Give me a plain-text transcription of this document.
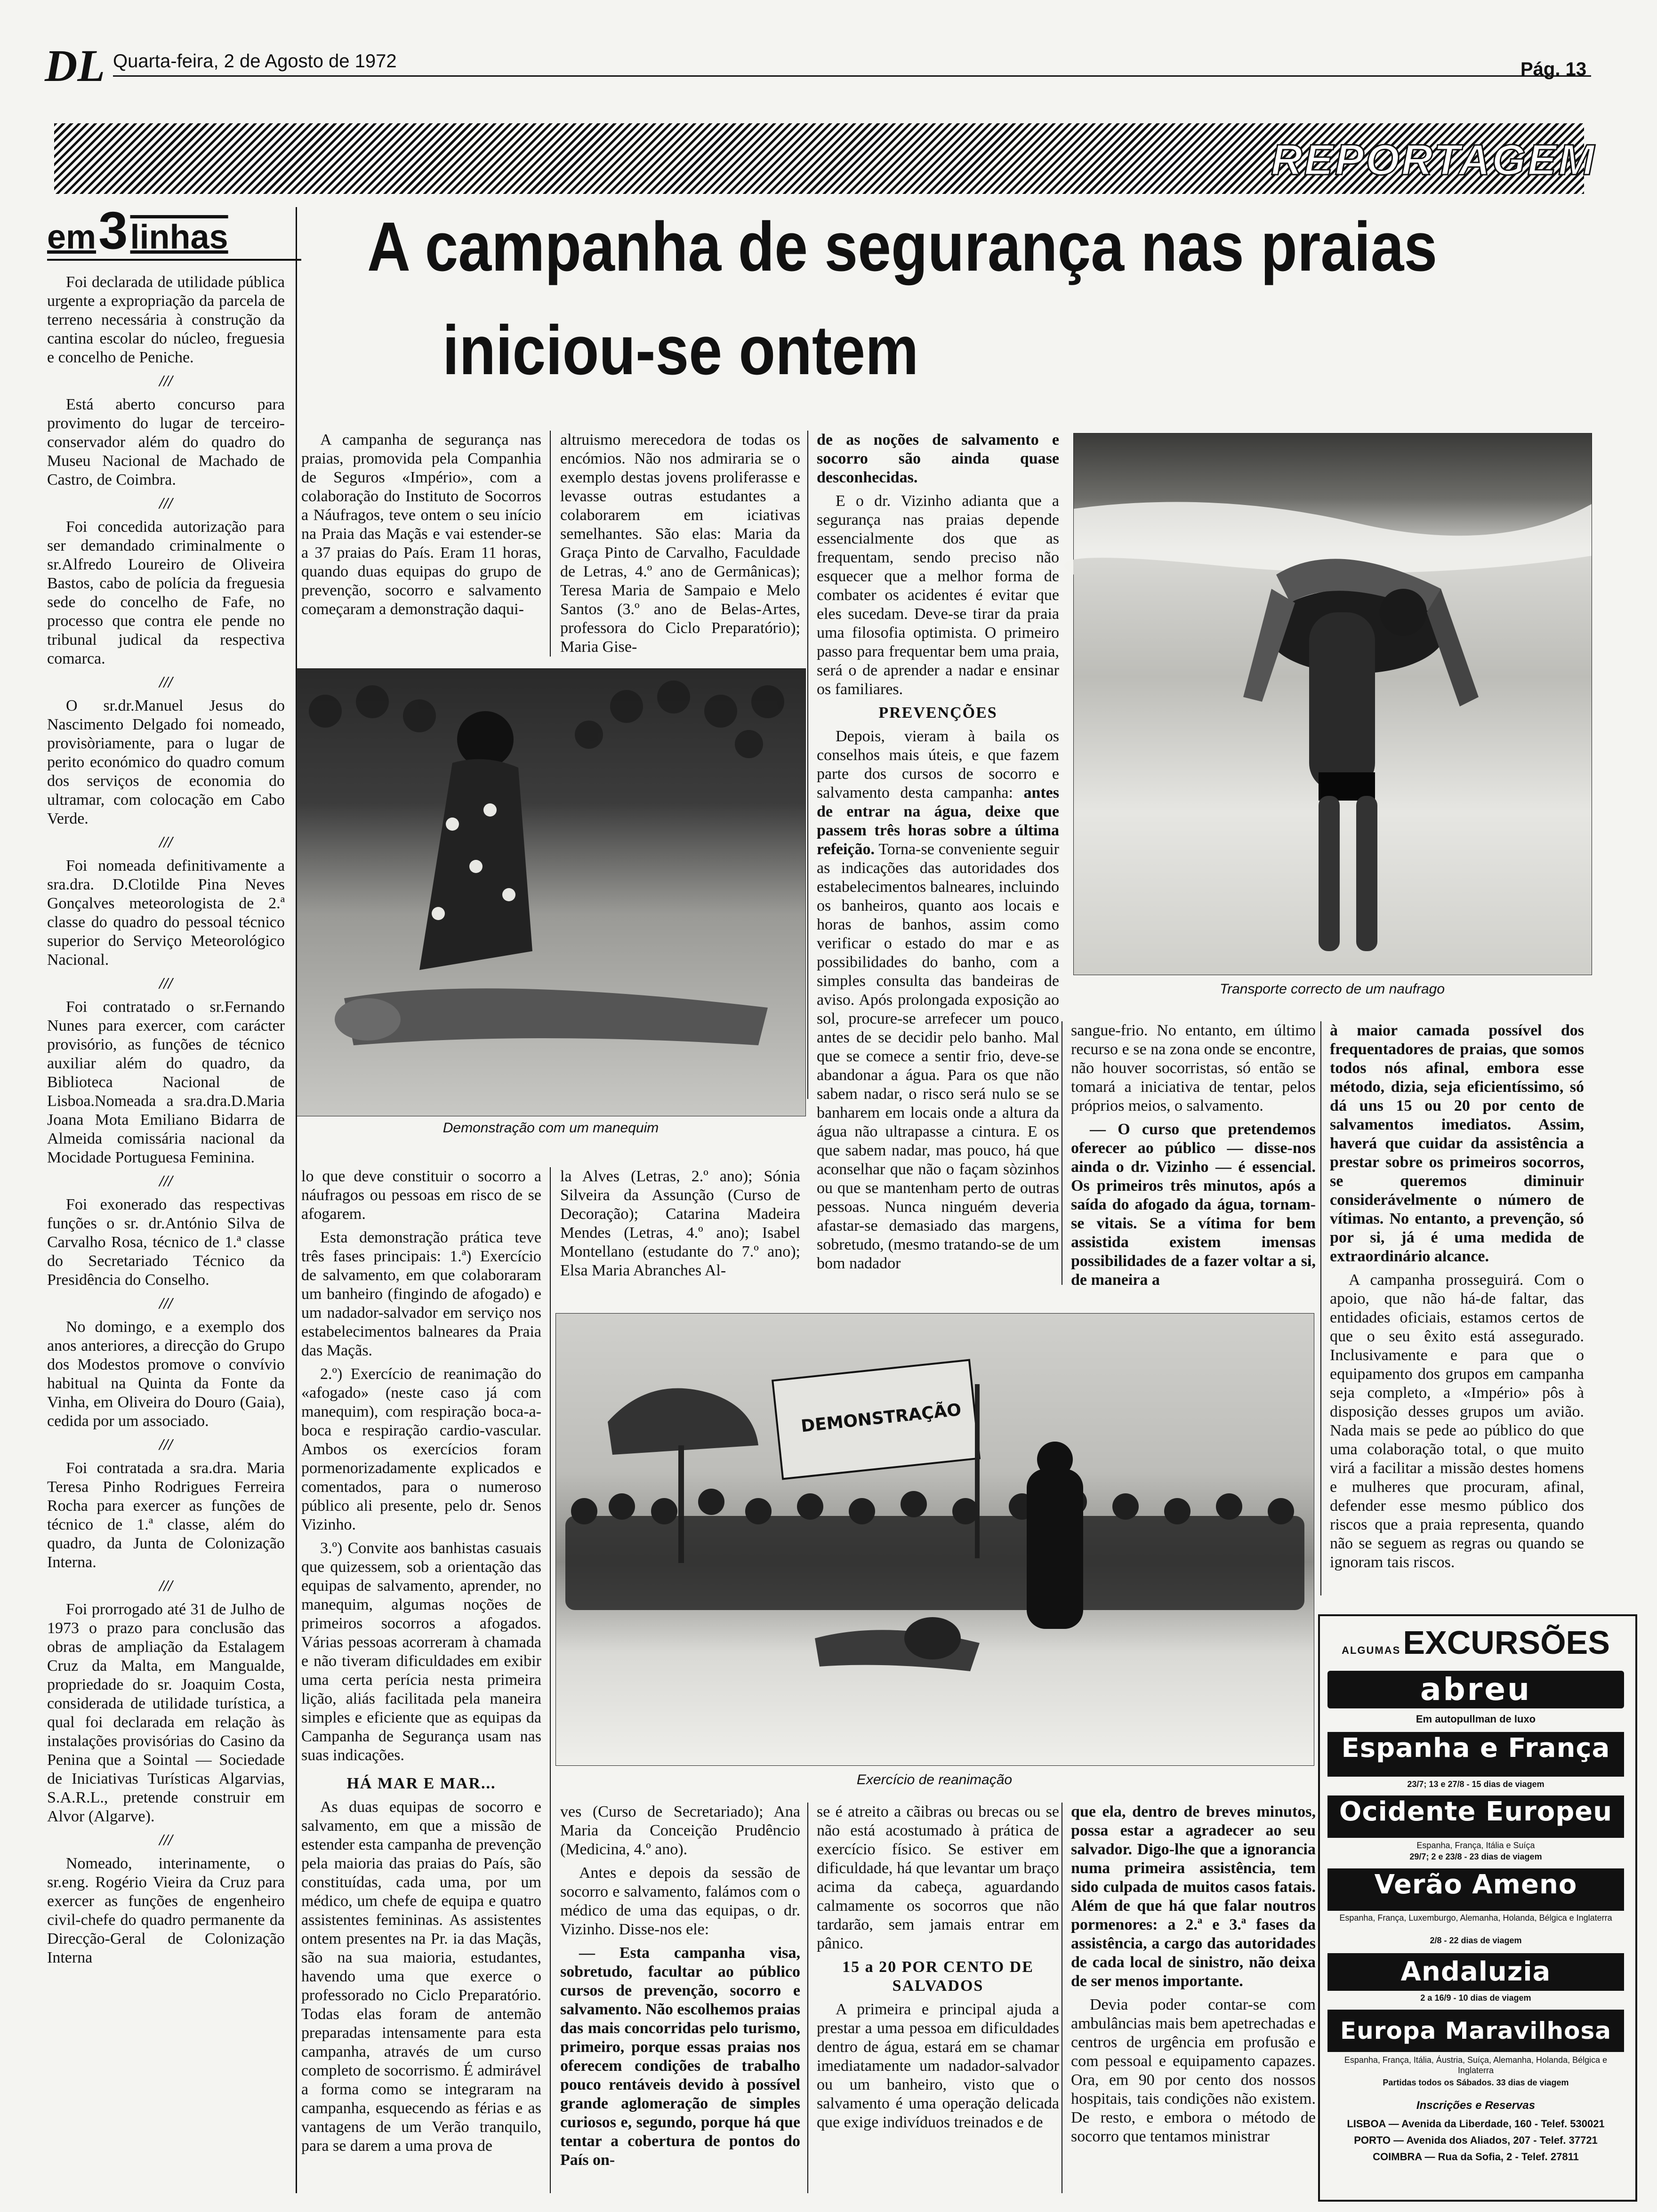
DL Quarta-feira, 2 de Agosto de 1972	Pág. 13
REPORTAGEM
em 3 linhas

Foi declarada de utilidade pública urgente a expropriação da parcela de terreno necessária à construção da cantina escolar do núcleo, freguesia e concelho de Peniche.

///

Está aberto concurso para provimento do lugar de terceiro-conservador além do quadro do Museu Nacional de Machado de Castro, de Coimbra.

///

Foi concedida autorização para ser demandado criminalmente o sr.Alfredo Loureiro de Oliveira Bastos, cabo de polícia da freguesia sede do concelho de Fafe, no processo que contra ele pende no tribunal judical da respectiva comarca.

///

O sr.dr.Manuel Jesus do Nascimento Delgado foi nomeado, provisòriamente, para o lugar de perito económico do quadro comum dos serviços de economia do ultramar, com colocação em Cabo Verde.

///

Foi nomeada definitivamente a sra.dra. D.Clotilde Pina Neves Gonçalves meteorologista de 2.ª classe do quadro do pessoal técnico superior do Serviço Meteorológico Nacional.

///

Foi contratado o sr.Fernando Nunes para exercer, com carácter provisório, as funções de técnico auxiliar além do quadro, da Biblioteca Nacional de Lisboa.Nomeada a sra.dra.D.Maria Joana Mota Emiliano Bidarra de Almeida comissária nacional da Mocidade Portuguesa Feminina.

///

Foi exonerado das respectivas funções o sr. dr.António Silva de Carvalho Rosa, técnico de 1.ª classe do Secretariado Técnico da Presidência do Conselho.

///

No domingo, e a exemplo dos anos anteriores, a direcção do Grupo dos Modestos promove o convívio habitual na Quinta da Fonte da Vinha, em Oliveira do Douro (Gaia), cedida por um associado.

///

Foi contratada a sra.dra. Maria Teresa Pinho Rodrigues Ferreira Rocha para exercer as funções de técnico de 1.ª classe, além do quadro, da Junta de Colonização Interna.

///

Foi prorrogado até 31 de Julho de 1973 o prazo para conclusão das obras de ampliação da Estalagem Cruz da Malta, em Mangualde, propriedade do sr. Joaquim Costa, considerada de utilidade turística, a qual foi declarada em relação às instalações provisórias do Casino da Penina que a Sointal — Sociedade de Iniciativas Turísticas Algarvias, S.A.R.L., pretende construir em Alvor (Algarve).

///

Nomeado, interinamente, o sr.eng. Rogério Vieira da Cruz para exercer as funções de engenheiro civil-chefe do quadro permanente da Direcção-Geral de Colonização Interna

A campanha de segurança nas praias
iniciou-se ontem

A campanha de segurança nas praias, promovida pela Companhia de Seguros «Império», com a colaboração do Instituto de Socorros a Náufragos, teve ontem o seu início na Praia das Maçãs e vai estender-se a 37 praias do País. Eram 11 horas, quando duas equipas do grupo de prevenção, socorro e salvamento começaram a demonstração daqui-

altruismo merecedora de todas os encómios. Não nos admiraria se o exemplo destas jovens proliferasse e levasse outras estudantes a colaborarem em iciativas semelhantes. São elas: Maria da Graça Pinto de Carvalho, Faculdade de Letras, 4.º ano de Germânicas); Teresa Maria de Sampaio e Melo Santos (3.º ano de Belas-Artes, professora do Ciclo Preparatório); Maria Gise-

de as noções de salvamento e socorro são ainda quase desconhecidas.

E o dr. Vizinho adianta que a segurança nas praias depende essencialmente dos que as frequentam, sendo preciso não esquecer que a melhor forma de combater os acidentes é evitar que eles sucedam. Deve-se tirar da praia uma filosofia optimista. O primeiro passo para frequentar bem uma praia, será o de aprender a nadar e ensinar os familiares.

PREVENÇÕES

Depois, vieram à baila os conselhos mais úteis, e que fazem parte dos cursos de socorro e salvamento desta campanha: antes de entrar na água, deixe que passem três horas sobre a última refeição. Torna-se conveniente seguir as indicações das autoridades dos estabelecimentos balneares, incluindo os banheiros, quanto aos locais e horas de banhos, assim como verificar o estado do mar e as possibilidades do banho, com a simples consulta das bandeiras de aviso. Após prolongada exposição ao sol, procure-se arrefecer um pouco antes de se decidir pelo banho. Mal que se comece a sentir frio, deve-se abandonar a água. Para os que não sabem nadar, o risco será nulo se se banharem em locais onde a altura da água não ultrapasse a cintura. E os que sabem nadar, mas pouco, há que aconselhar que não o façam sòzinhos ou que se mantenham perto de outras pessoas. Nunca ninguém deveria afastar-se demasiado das margens, sobretudo, (mesmo tratando-se de um bom nadador

Transporte correcto de um naufrago
Demonstração com um manequim

lo que deve constituir o socorro a náufragos ou pessoas em risco de se afogarem.

Esta demonstração prática teve três fases principais: 1.ª) Exercício de salvamento, em que colaboraram um banheiro (fingindo de afogado) e um nadador-salvador em serviço nos estabelecimentos balneares da Praia das Maçãs.

2.º) Exercício de reanimação do «afogado» (neste caso já com manequim), com respiração boca-a-boca e respiração cardio-vascular. Ambos os exercícios foram pormenorizadamente explicados e comentados, para o numeroso público ali presente, pelo dr. Senos Vizinho.

3.º) Convite aos banhistas casuais que quizessem, sob a orientação das equipas de salvamento, aprender, no manequim, algumas noções de primeiros socorros a afogados. Várias pessoas acorreram à chamada e não tiveram dificuldades em exibir uma certa perícia nesta primeira lição, aliás facilitada pela maneira simples e eficiente que as equipas da Campanha de Segurança usam nas suas indicações.

la Alves (Letras, 2.º ano); Sónia Silveira da Assunção (Curso de Decoração); Catarina Madeira Mendes (Letras, 4.º ano); Isabel Montellano (estudante do 7.º ano); Elsa Maria Abranches Al-

sangue-frio. No entanto, em último recurso e se na zona onde se encontre, não houver socorristas, só então se tomará a iniciativa de tentar, pelos próprios meios, o salvamento.

— O curso que pretendemos oferecer ao público — disse-nos ainda o dr. Vizinho — é essencial. Os primeiros três minutos, após a saída do afogado da água, tornam-se vitais. Se a vítima for bem assistida existem imensas possibilidades de a fazer voltar a si, de maneira a

à maior camada possível dos frequentadores de praias, que somos todos nós afinal, embora esse método, dizia, seja eficientíssimo, só dá uns 15 ou 20 por cento de salvamentos imediatos. Assim, haverá que cuidar da assistência a prestar sobre os primeiros socorros, se queremos diminuir considerávelmente o número de vítimas. No entanto, a prevenção, só por si, já é uma medida de extraordinário alcance.

A campanha prosseguirá. Com o apoio, que não há-de faltar, das entidades oficiais, estamos certos de que o seu êxito está assegurado. Inclusivamente e para que o equipamento dos grupos em campanha seja completo, a «Império» pôs à disposição desses grupos um avião. Nada mais se pede ao público do que uma colaboração total, o que muito virá a facilitar a missão destes homens e mulheres que procuram, afinal, defender esse mesmo público dos riscos que a praia representa, quando não se seguem as regras ou quando se ignoram tais riscos.

DEMONSTRAÇÃO
Exercício de reanimação

HÁ MAR E MAR...

As duas equipas de socorro e salvamento, em que a missão de estender esta campanha de prevenção pela maioria das praias do País, são constituídas, cada uma, por um médico, um chefe de equipa e quatro assistentes femininas. As assistentes ontem presentes na Pr. ia das Maçãs, são na sua maioria, estudantes, havendo uma que exerce o professorado no Ciclo Preparatório. Todas elas foram de antemão preparadas intensamente para esta campanha, através de um curso completo de socorrismo. É admirável a forma como se integraram na campanha, esquecendo as férias e as vantagens de um Verão tranquilo, para se darem a uma prova de

ves (Curso de Secretariado); Ana Maria da Conceição Prudêncio (Medicina, 4.º ano).

Antes e depois da sessão de socorro e salvamento, falámos com o médico de uma das equipas, o dr. Vizinho. Disse-nos ele:

— Esta campanha visa, sobretudo, facultar ao público cursos de prevenção, socorro e salvamento. Não escolhemos praias das mais concorridas pelo turismo, primeiro, porque essas praias nos oferecem condições de trabalho pouco rentáveis devido à possível grande aglomeração de simples curiosos e, segundo, porque há que tentar a cobertura de pontos do País on-

se é atreito a cãibras ou brecas ou se não está acostumado à prática de exercício físico. Se estiver em dificuldade, há que levantar um braço acima da cabeça, aguardando calmamente os socorros que não tardarão, sem jamais entrar em pânico.

15 a 20 POR CENTO DE SALVADOS

A primeira e principal ajuda a prestar a uma pessoa em dificuldades dentro de água, estará em se chamar imediatamente um nadador-salvador ou um banheiro, visto que o salvamento é uma operação delicada que exige indivíduos treinados e de

que ela, dentro de breves minutos, possa estar a agradecer ao seu salvador. Digo-lhe que a ignorancia numa primeira assistência, tem sido culpada de muitos casos fatais. Além de que há que falar noutros pormenores: a 2.ª e 3.ª fases da assistência, a cargo das autoridades de cada local de sinistro, não deixa de ser menos importante.

Devia poder contar-se com ambulâncias mais bem apetrechadas e centros de urgência em profusão e com pessoal e equipamento capazes. Ora, em 90 por cento dos nossos hospitais, tais condições não existem. De resto, e embora o método de socorro que tentamos ministrar

ALGUMAS EXCURSÕES
abreu
Em autopullman de luxo
Espanha e França
23/7; 13 e 27/8 - 15 dias de viagem
Ocidente Europeu
Espanha, França, Itália e Suíça
29/7; 2 e 23/8 - 23 dias de viagem
Verão Ameno
Espanha, França, Luxemburgo, Alemanha, Holanda, Bélgica e Inglaterra
2/8 - 22 dias de viagem
Andaluzia
2 a 16/9 - 10 dias de viagem
Europa Maravilhosa
Espanha, França, Itália, Áustria, Suíça, Alemanha, Holanda, Bélgica e Inglaterra
Partidas todos os Sábados. 33 dias de viagem
Inscrições e Reservas
LISBOA — Avenida da Liberdade, 160 - Telef. 530021
PORTO — Avenida dos Aliados, 207 - Telef. 37721
COIMBRA — Rua da Sofia, 2 - Telef. 27811
